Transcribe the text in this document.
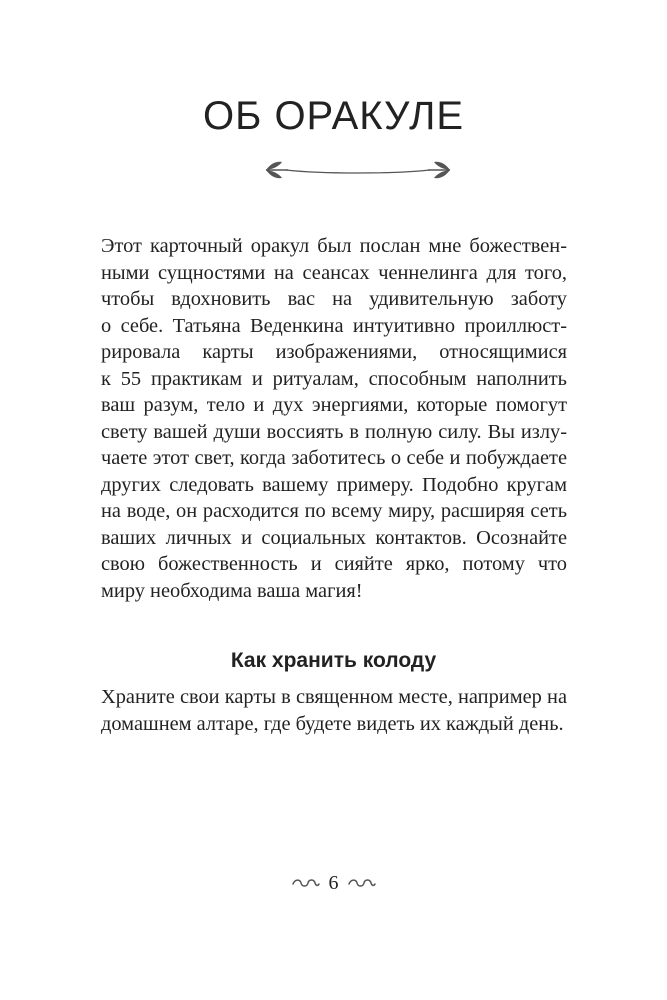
ОБ ОРАКУЛЕ
Этот карточный оракул был послан мне божествен-
ными сущностями на сеансах ченнелинга для того,
чтобы вдохновить вас на удивительную заботу
о себе. Татьяна Веденкина интуитивно проиллюст-
рировала карты изображениями, относящимися
к 55 практикам и ритуалам, способным наполнить
ваш разум, тело и дух энергиями, которые помогут
свету вашей души воссиять в полную силу. Вы излу-
чаете этот свет, когда заботитесь о себе и побуждаете
других следовать вашему примеру. Подобно кругам
на воде, он расходится по всему миру, расширяя сеть
ваших личных и социальных контактов. Осознайте
свою божественность и сияйте ярко, потому что
миру необходима ваша магия!
Как хранить колоду
Храните свои карты в священном месте, например на
домашнем алтаре, где будете видеть их каждый день.
6
